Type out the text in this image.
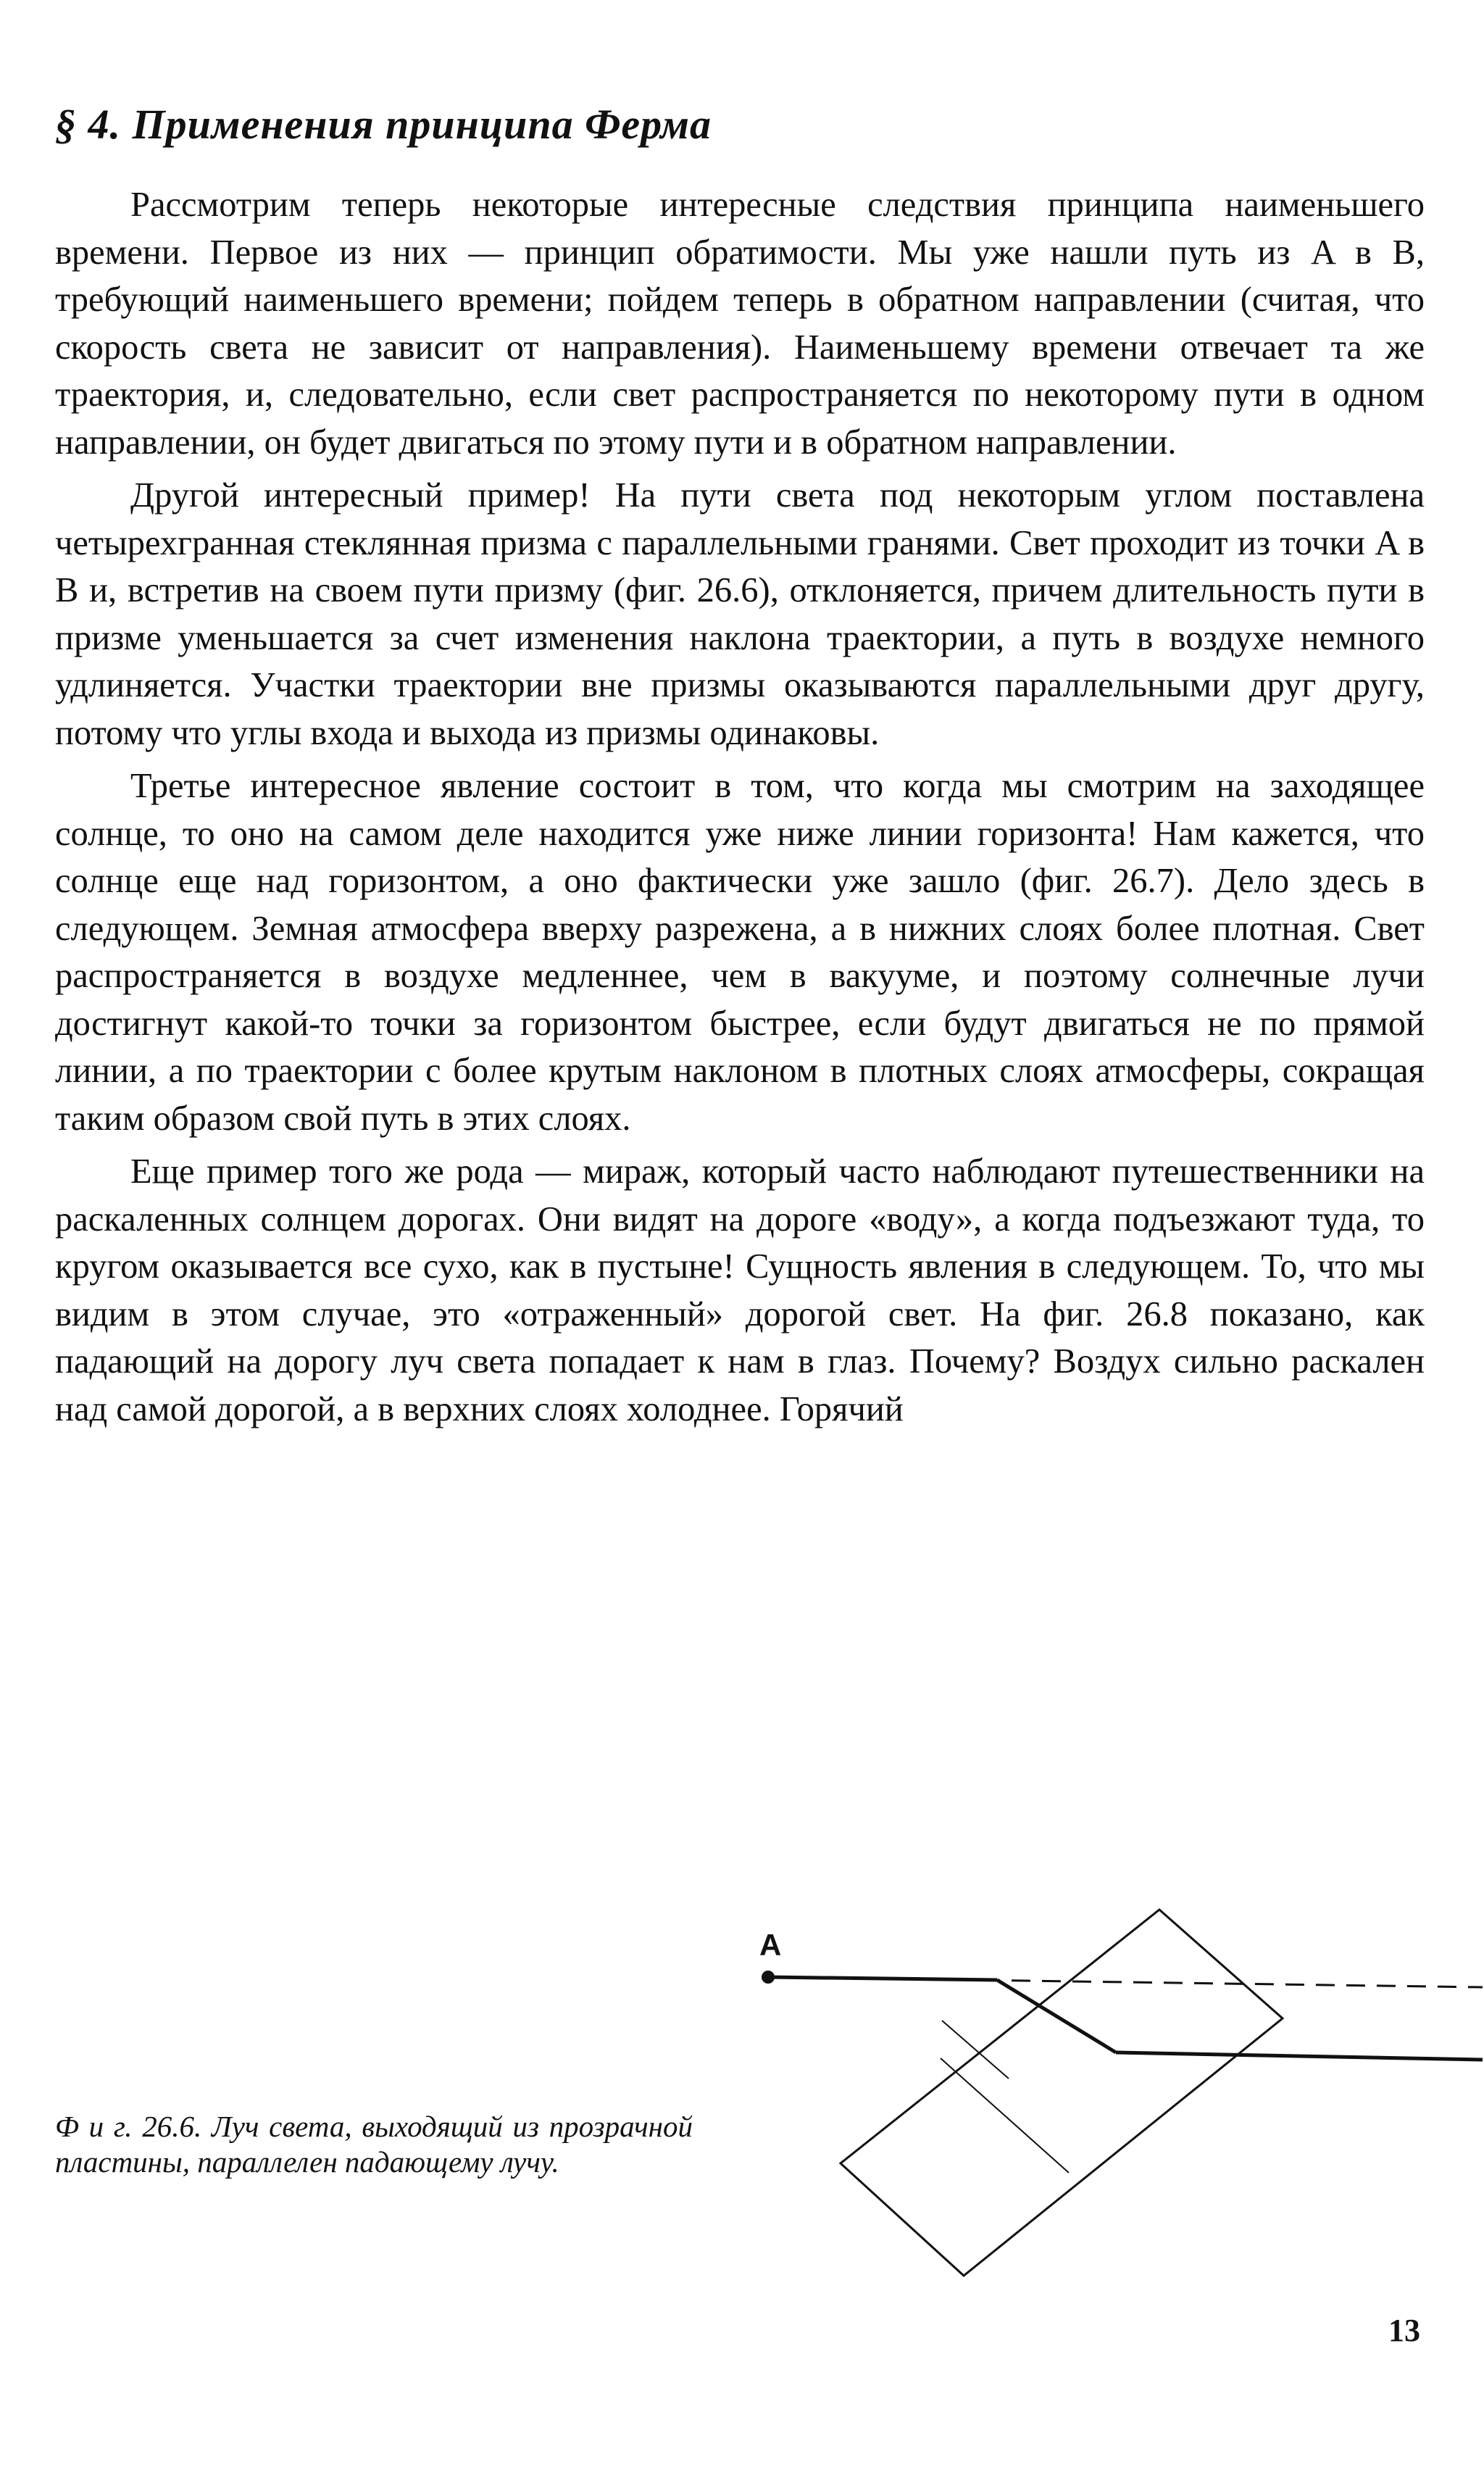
§ 4. Применения принципа Ферма

Рассмотрим теперь некоторые интересные следствия принципа наименьшего времени. Первое из них — принцип обратимости. Мы уже нашли путь из A в B, требующий наименьшего времени; пойдем теперь в обратном направлении (считая, что скорость света не зависит от направления). Наименьшему времени отвечает та же траектория, и, следовательно, если свет распространяется по некоторому пути в одном направлении, он будет двигаться по этому пути и в обратном направлении.

Другой интересный пример! На пути света под некоторым углом поставлена четырехгранная стеклянная призма с параллельными гранями. Свет проходит из точки A в B и, встретив на своем пути призму (фиг. 26.6), отклоняется, причем длительность пути в призме уменьшается за счет изменения наклона траектории, а путь в воздухе немного удлиняется. Участки траектории вне призмы оказываются параллельными друг другу, потому что углы входа и выхода из призмы одинаковы.

Третье интересное явление состоит в том, что когда мы смотрим на заходящее солнце, то оно на самом деле находится уже ниже линии горизонта! Нам кажется, что солнце еще над горизонтом, а оно фактически уже зашло (фиг. 26.7). Дело здесь в следующем. Земная атмосфера вверху разрежена, а в нижних слоях более плотная. Свет распространяется в воздухе медленнее, чем в вакууме, и поэтому солнечные лучи достигнут какой-то точки за горизонтом быстрее, если будут двигаться не по прямой линии, а по траектории с более крутым наклоном в плотных слоях атмосферы, сокращая таким образом свой путь в этих слоях.

Еще пример того же рода — мираж, который часто наблюдают путешественники на раскаленных солнцем дорогах. Они видят на дороге «воду», а когда подъезжают туда, то кругом оказывается все сухо, как в пустыне! Сущность явления в следующем. То, что мы видим в этом случае, это «отраженный» дорогой свет. На фиг. 26.8 показано, как падающий на дорогу луч света попадает к нам в глаз. Почему? Воздух сильно раскален над самой дорогой, а в верхних слоях холоднее. Горячий

Ф и г. 26.6. Луч света, выходящий из прозрачной пластины, параллелен падающему лучу.
A
13
